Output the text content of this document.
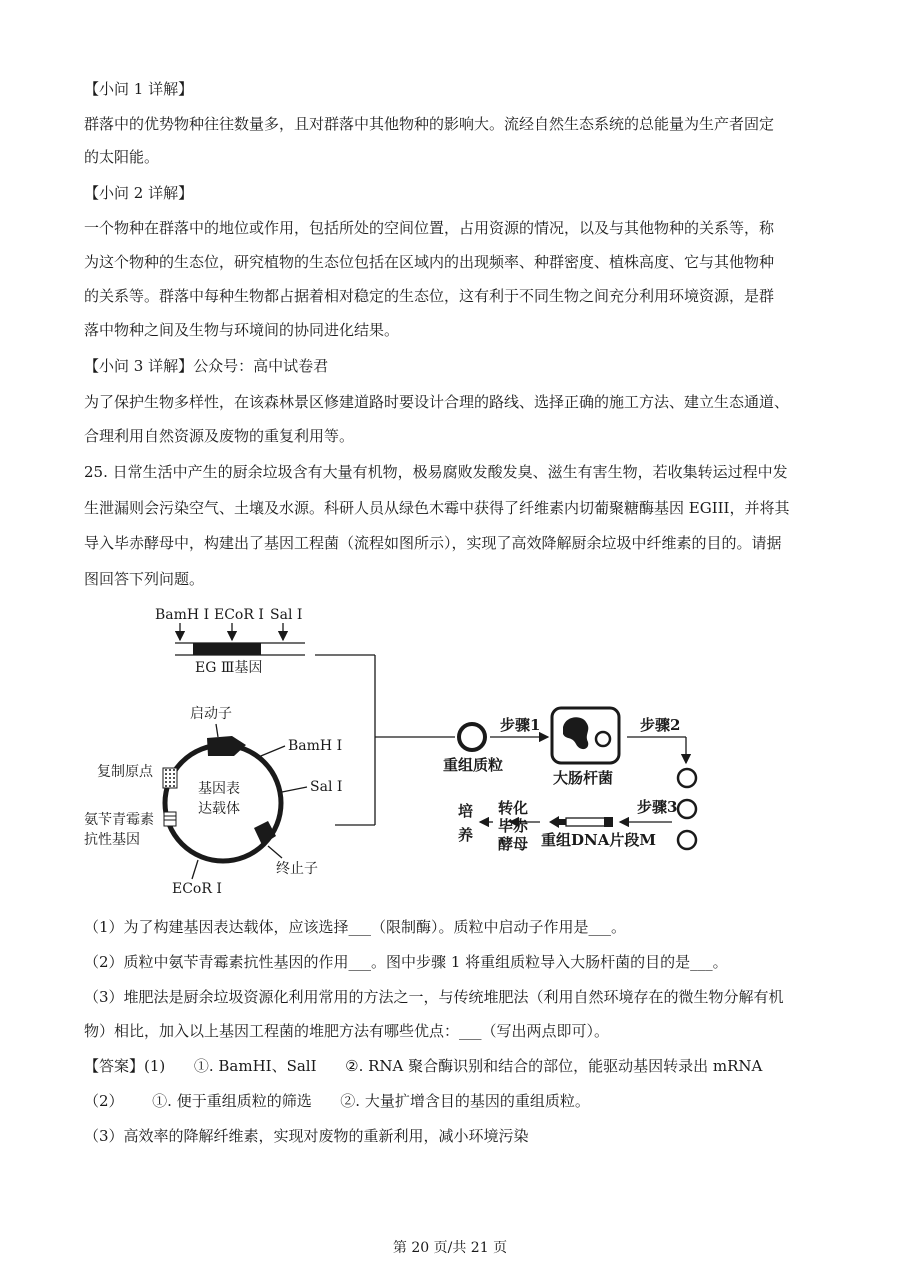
【小问 1 详解】
群落中的优势物种往往数量多，且对群落中其他物种的影响大。流经自然生态系统的总能量为生产者固定
的太阳能。
【小问 2 详解】
一个物种在群落中的地位或作用，包括所处的空间位置，占用资源的情况，以及与其他物种的关系等，称
为这个物种的生态位，研究植物的生态位包括在区域内的出现频率、种群密度、植株高度、它与其他物种
的关系等。群落中每种生物都占据着相对稳定的生态位，这有利于不同生物之间充分利用环境资源，是群
落中物种之间及生物与环境间的协同进化结果。
【小问 3 详解】公众号：高中试卷君
为了保护生物多样性，在该森林景区修建道路时要设计合理的路线、选择正确的施工方法、建立生态通道、
合理利用自然资源及废物的重复利用等。
25. 日常生活中产生的厨余垃圾含有大量有机物，极易腐败发酸发臭、滋生有害生物，若收集转运过程中发
生泄漏则会污染空气、土壤及水源。科研人员从绿色木霉中获得了纤维素内切葡聚糖酶基因 EGIII，并将其
导入毕赤酵母中，构建出了基因工程菌（流程如图所示），实现了高效降解厨余垃圾中纤维素的目的。请据
图回答下列问题。
BamH Ⅰ ECoR Ⅰ Sal Ⅰ
EG Ⅲ基因
启动子
BamH Ⅰ
复制原点
基因表
达载体
Sal Ⅰ
氨苄青霉素
抗性基因
终止子
ECoR Ⅰ
重组质粒
步骤1
大肠杆菌
步骤2
步骤3
重组DNA片段M
转化
毕赤
酵母
培
养
（1）为了构建基因表达载体，应该选择___（限制酶）。质粒中启动子作用是___。
（2）质粒中氨苄青霉素抗性基因的作用___。图中步骤 1 将重组质粒导入大肠杆菌的目的是___。
（3）堆肥法是厨余垃圾资源化利用常用的方法之一，与传统堆肥法（利用自然环境存在的微生物分解有机
物）相比，加入以上基因工程菌的堆肥方法有哪些优点：___（写出两点即可）。
【答案】(1)      ①. BamHI、SalI      ②. RNA 聚合酶识别和结合的部位，能驱动基因转录出 mRNA
（2）      ①. 便于重组质粒的筛选      ②. 大量扩增含目的基因的重组质粒。
（3）高效率的降解纤维素，实现对废物的重新利用，减小环境污染
第 20 页/共 21 页
